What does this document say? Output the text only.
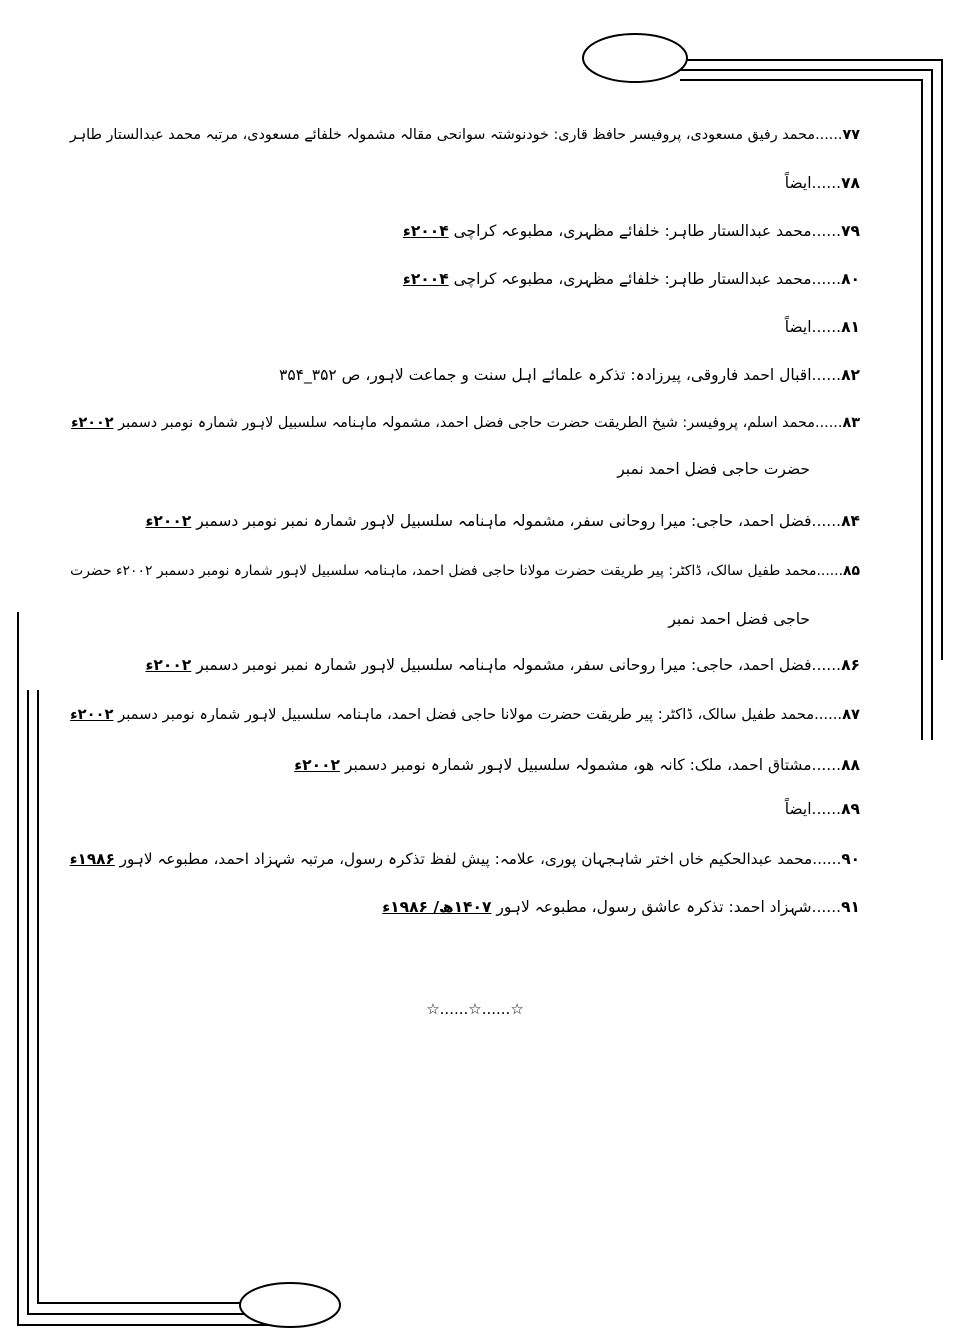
۷۷......محمد رفیق مسعودی، پروفیسر حافظ قاری: خودنوشتہ سوانحی مقالہ مشمولہ خلفائے مسعودی، مرتبہ محمد عبدالستار طاہر
۷۸......ایضاً
۷۹......محمد عبدالستار طاہر: خلفائے مظہری، مطبوعہ کراچی ۲۰۰۴ء
۸۰......محمد عبدالستار طاہر: خلفائے مظہری، مطبوعہ کراچی ۲۰۰۴ء
۸۱......ایضاً
۸۲......اقبال احمد فاروقی، پیرزادہ: تذکرہ علمائے اہل سنت و جماعت لاہور، ص ۳۵۲_۳۵۴
۸۳......محمد اسلم، پروفیسر: شیخ الطریقت حضرت حاجی فضل احمد، مشمولہ ماہنامہ سلسبیل لاہور شمارہ نومبر دسمبر ۲۰۰۲ء
حضرت حاجی فضل احمد نمبر
۸۴......فضل احمد، حاجی: میرا روحانی سفر، مشمولہ ماہنامہ سلسبیل لاہور شمارہ نمبر نومبر دسمبر ۲۰۰۲ء
۸۵......محمد طفیل سالک، ڈاکٹر: پیر طریقت حضرت مولانا حاجی فضل احمد، ماہنامہ سلسبیل لاہور شمارہ نومبر دسمبر ۲۰۰۲ء حضرت
حاجی فضل احمد نمبر
۸۶......فضل احمد، حاجی: میرا روحانی سفر، مشمولہ ماہنامہ سلسبیل لاہور شمارہ نمبر نومبر دسمبر ۲۰۰۲ء
۸۷......محمد طفیل سالک، ڈاکٹر: پیر طریقت حضرت مولانا حاجی فضل احمد، ماہنامہ سلسبیل لاہور شمارہ نومبر دسمبر ۲۰۰۲ء
۸۸......مشتاق احمد، ملک: کانہ ھو، مشمولہ سلسبیل لاہور شمارہ نومبر دسمبر ۲۰۰۲ء
۸۹......ایضاً
۹۰......محمد عبدالحکیم خاں اختر شاہجہان پوری، علامہ: پیش لفظ تذکرہ رسول، مرتبہ شہزاد احمد، مطبوعہ لاہور ۱۹۸۶ء
۹۱......شہزاد احمد: تذکرہ عاشق رسول، مطبوعہ لاہور ۱۴۰۷ھ/ ۱۹۸۶ء
☆......☆......☆
